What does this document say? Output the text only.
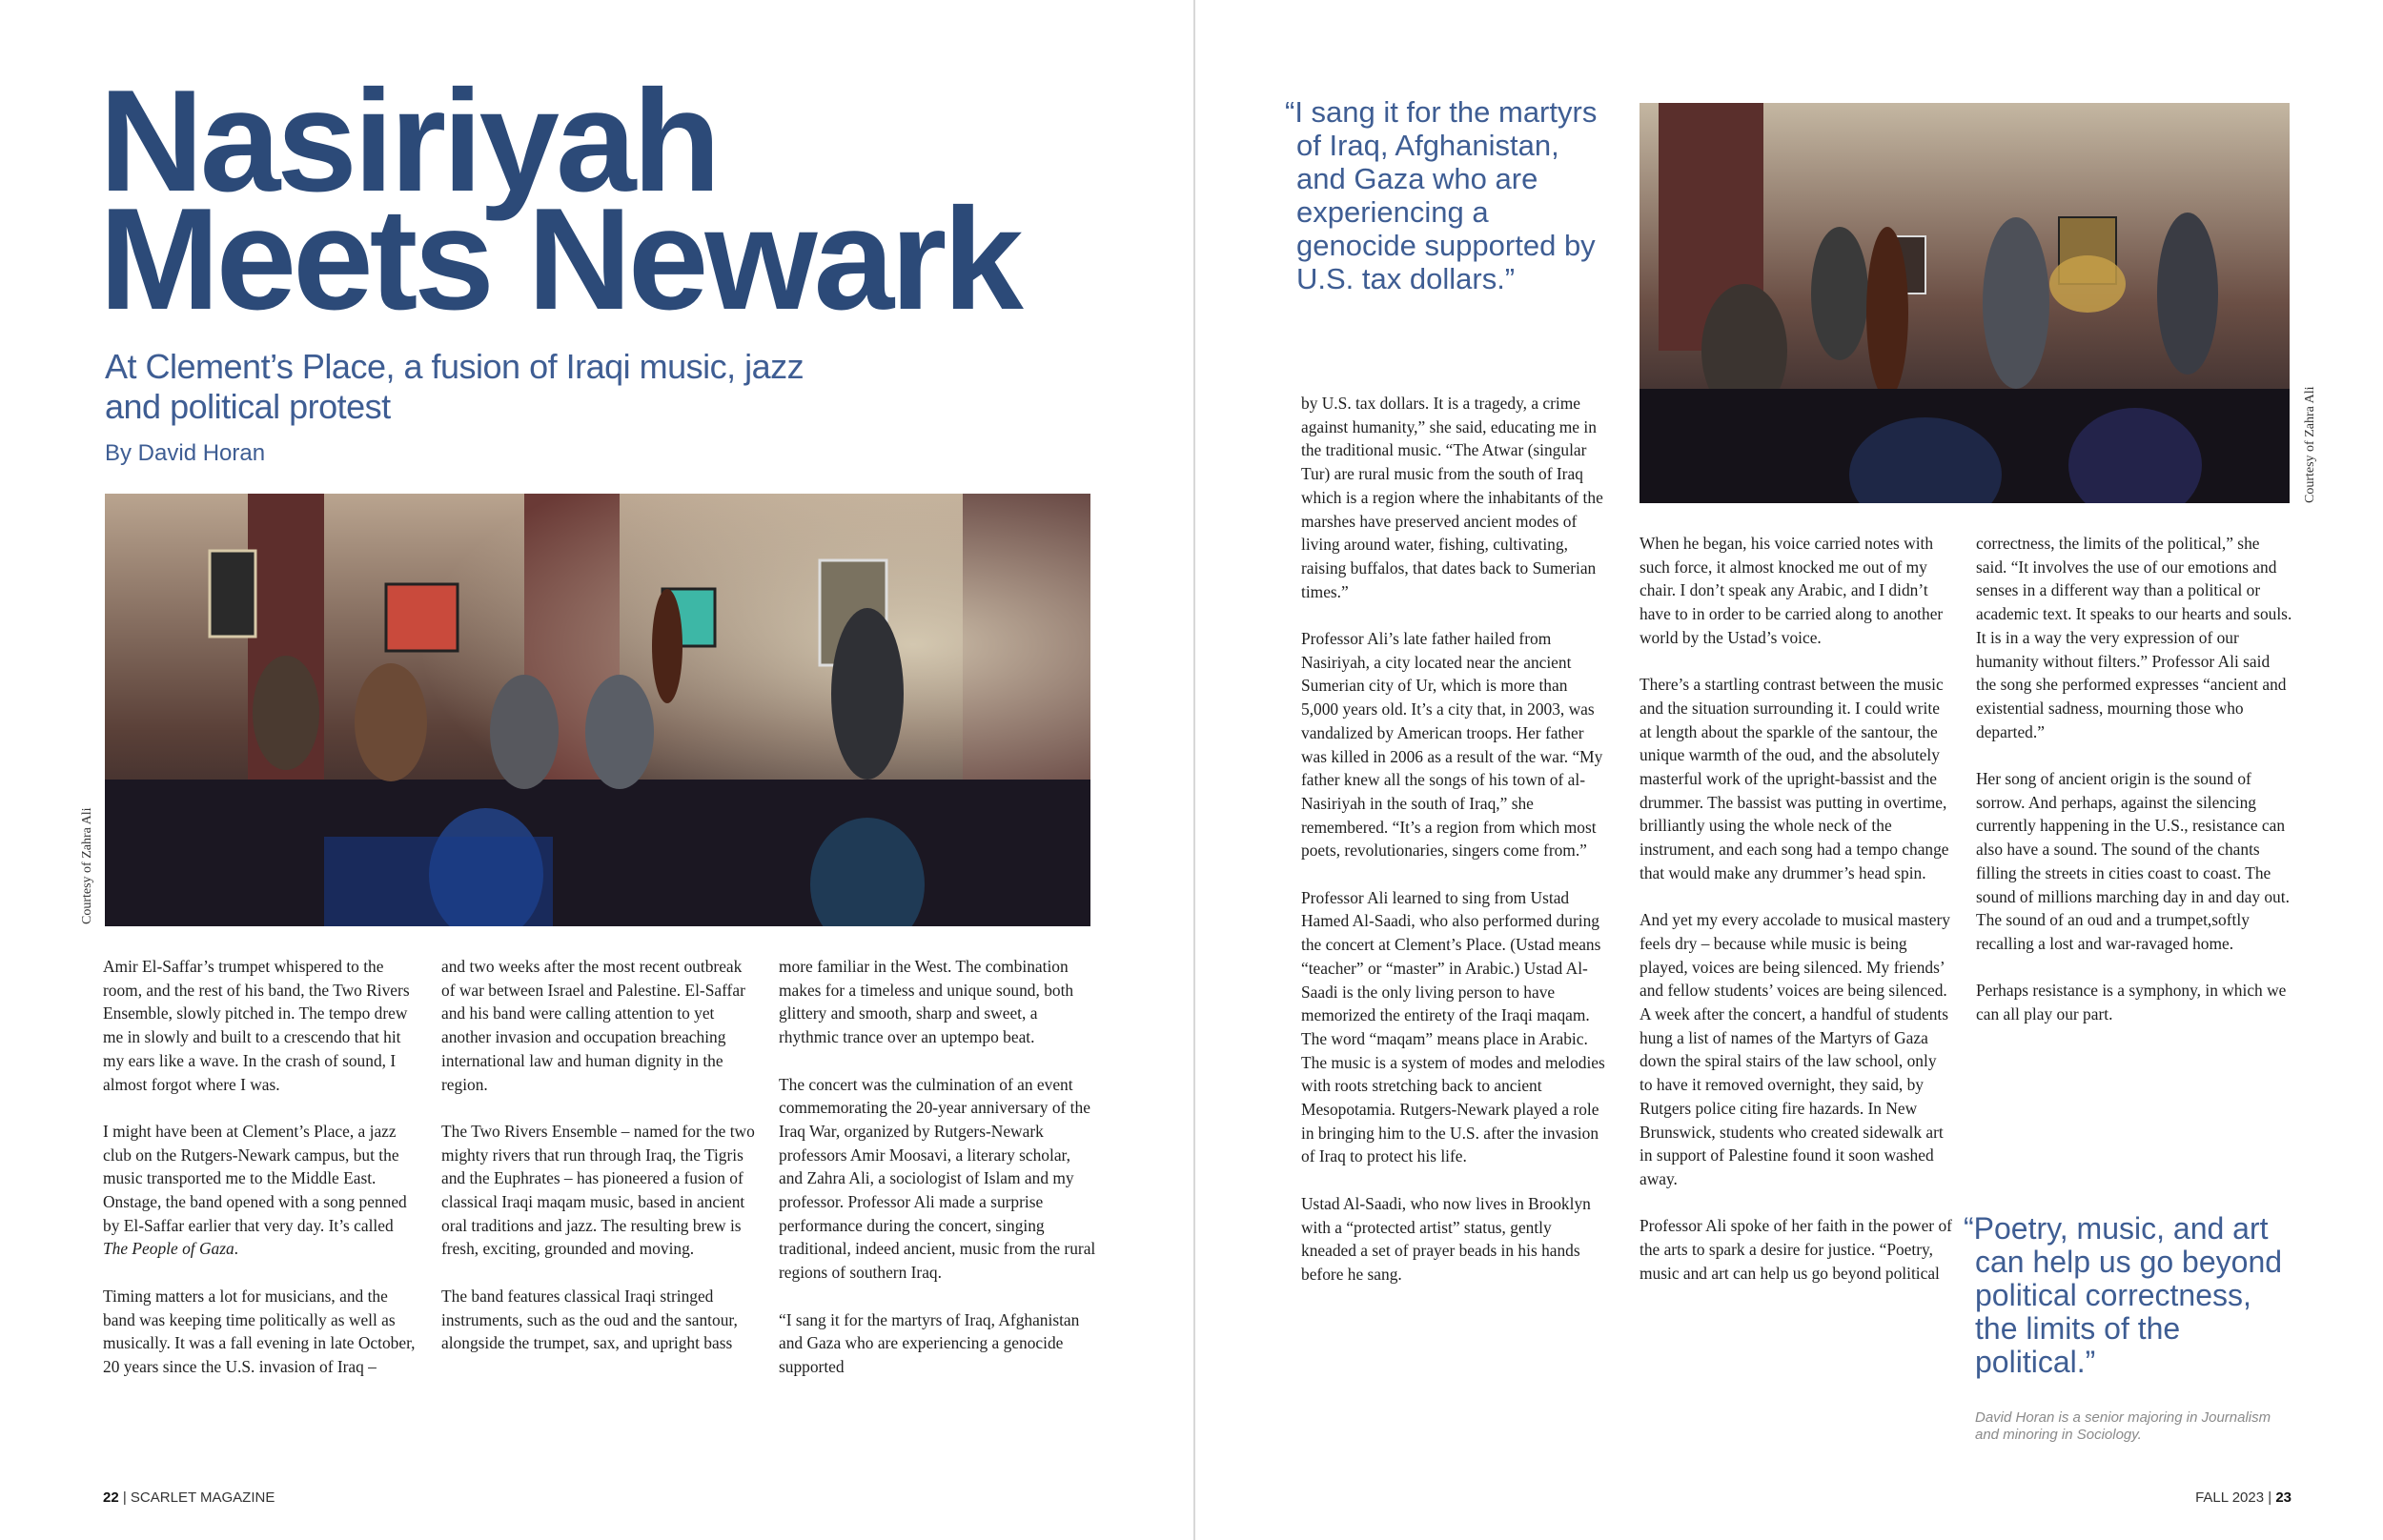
Nasiriyah
Meets Newark

At Clement’s Place, a fusion of Iraqi music, jazz and political protest

By David Horan
Courtesy of Zahra Ali

Amir El-Saffar’s trumpet whispered to the room, and the rest of his band, the Two Rivers Ensemble, slowly pitched in. The tempo drew me in slowly and built to a crescendo that hit my ears like a wave. In the crash of sound, I almost forgot where I was.

I might have been at Clement’s Place, a jazz club on the Rutgers-Newark campus, but the music transported me to the Middle East. Onstage, the band opened with a song penned by El-Saffar earlier that very day. It’s called The People of Gaza.

Timing matters a lot for musicians, and the band was keeping time politically as well as musically. It was a fall evening in late October, 20 years since the U.S. invasion of Iraq –

and two weeks after the most recent outbreak of war between Israel and Palestine. El-Saffar and his band were calling attention to yet another invasion and occupation breaching international law and human dignity in the region.

The Two Rivers Ensemble – named for the two mighty rivers that run through Iraq, the Tigris and the Euphrates – has pioneered a fusion of classical Iraqi maqam music, based in ancient oral traditions and jazz. The resulting brew is fresh, exciting, grounded and moving.

The band features classical Iraqi stringed instruments, such as the oud and the santour, alongside the trumpet, sax, and upright bass

more familiar in the West. The combination makes for a timeless and unique sound, both glittery and smooth, sharp and sweet, a rhythmic trance over an uptempo beat.

The concert was the culmination of an event commemorating the 20-year anniversary of the Iraq War, organized by Rutgers-Newark professors Amir Moosavi, a literary scholar, and Zahra Ali, a sociologist of Islam and my professor. Professor Ali made a surprise performance during the concert, singing traditional, indeed ancient, music from the rural regions of southern Iraq.

“I sang it for the martyrs of Iraq, Afghanistan and Gaza who are experiencing a genocide supported

22 | SCARLET MAGAZINE

“I sang it for the martyrs of Iraq, Afghanistan, and Gaza who are experiencing a genocide supported by U.S. tax dollars.”

Courtesy of Zahra Ali

by U.S. tax dollars. It is a tragedy, a crime against humanity,” she said, educating me in the traditional music. “The Atwar (singular Tur) are rural music from the south of Iraq which is a region where the inhabitants of the marshes have preserved ancient modes of living around water, fishing, cultivating, raising buffalos, that dates back to Sumerian times.”

Professor Ali’s late father hailed from Nasiriyah, a city located near the ancient Sumerian city of Ur, which is more than 5,000 years old. It’s a city that, in 2003, was vandalized by American troops. Her father was killed in 2006 as a result of the war. “My father knew all the songs of his town of al-Nasiriyah in the south of Iraq,” she remembered. “It’s a region from which most poets, revolutionaries, singers come from.”

Professor Ali learned to sing from Ustad Hamed Al-Saadi, who also performed during the concert at Clement’s Place. (Ustad means “teacher” or “master” in Arabic.) Ustad Al-Saadi is the only living person to have memorized the entirety of the Iraqi maqam. The word “maqam” means place in Arabic. The music is a system of modes and melodies with roots stretching back to ancient Mesopotamia. Rutgers-Newark played a role in bringing him to the U.S. after the invasion of Iraq to protect his life.

Ustad Al-Saadi, who now lives in Brooklyn with a “protected artist” status, gently kneaded a set of prayer beads in his hands before he sang.

When he began, his voice carried notes with such force, it almost knocked me out of my chair. I don’t speak any Arabic, and I didn’t have to in order to be carried along to another world by the Ustad’s voice.

There’s a startling contrast between the music and the situation surrounding it. I could write at length about the sparkle of the santour, the unique warmth of the oud, and the absolutely masterful work of the upright-bassist and the drummer. The bassist was putting in overtime, brilliantly using the whole neck of the instrument, and each song had a tempo change that would make any drummer’s head spin.

And yet my every accolade to musical mastery feels dry – because while music is being played, voices are being silenced. My friends’ and fellow students’ voices are being silenced. A week after the concert, a handful of students hung a list of names of the Martyrs of Gaza down the spiral stairs of the law school, only to have it removed overnight, they said, by Rutgers police citing fire hazards. In New Brunswick, students who created sidewalk art in support of Palestine found it soon washed away.

Professor Ali spoke of her faith in the power of the arts to spark a desire for justice. “Poetry, music and art can help us go beyond political

correctness, the limits of the political,” she said. “It involves the use of our emotions and senses in a different way than a political or academic text. It speaks to our hearts and souls. It is in a way the very expression of our humanity without filters.” Professor Ali said the song she performed expresses “ancient and existential sadness, mourning those who departed.”

Her song of ancient origin is the sound of sorrow. And perhaps, against the silencing currently happening in the U.S., resistance can also have a sound. The sound of the chants filling the streets in cities coast to coast. The sound of millions marching day in and day out. The sound of an oud and a trumpet,softly recalling a lost and war-ravaged home.

Perhaps resistance is a symphony, in which we can all play our part.

“Poetry, music, and art can help us go beyond political correctness, the limits of the political.”

David Horan is a senior majoring in Journalism and minoring in Sociology.
FALL 2023 | 23
